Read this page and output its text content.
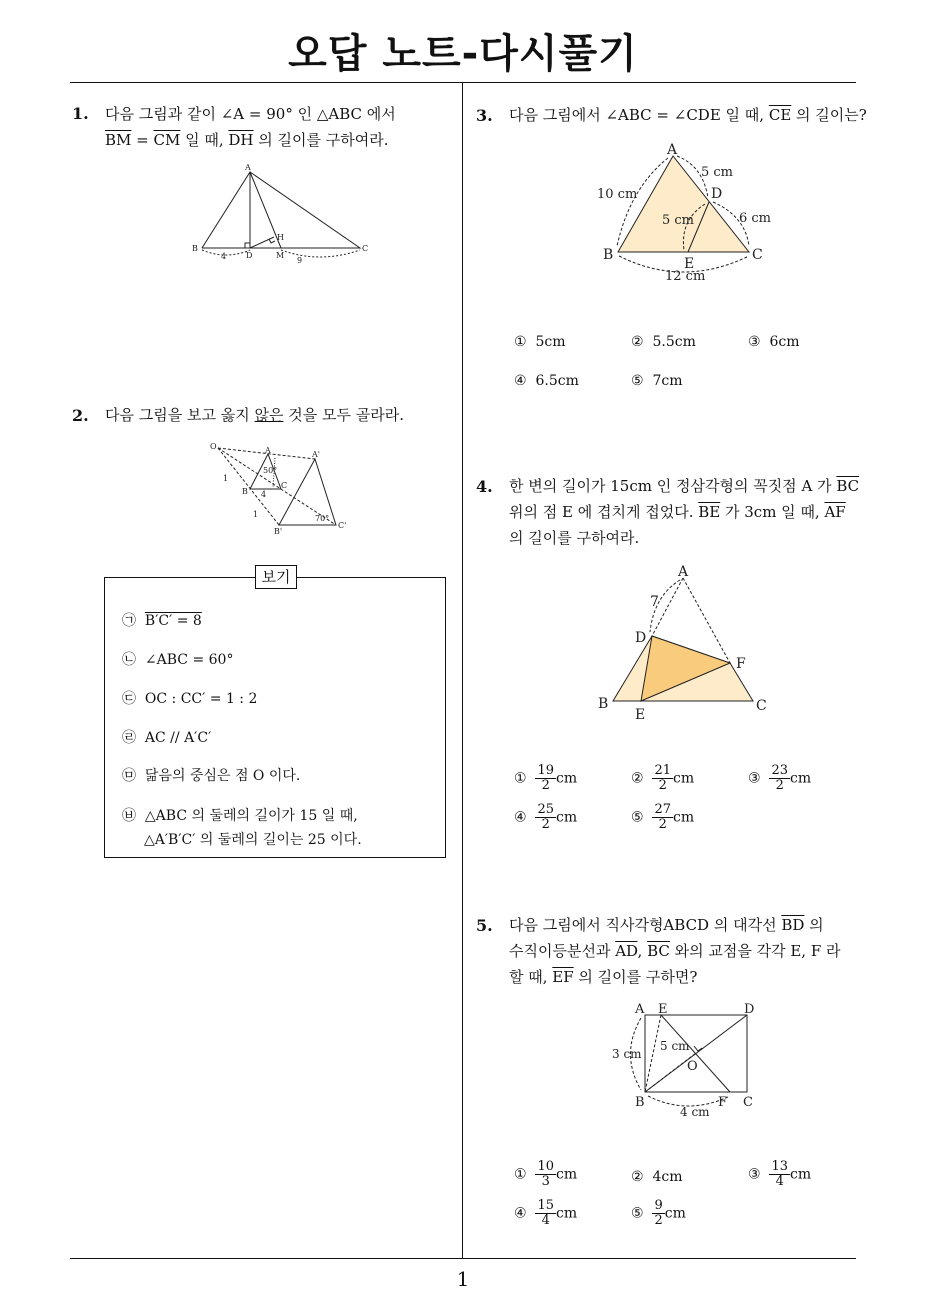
오답 노트-다시풀기
1
1. 다음 그림과 같이 ∠A = 90° 인 △ABC 에서
$\overline{BM} = \overline{CM}$ 일 때, $\overline{DH}$ 의 길이를 구하여라.
A
B	C
D
H
M
4	9
2. 다음 그림을 보고 옳지 않은 것을 모두 골라라.
O	A	A'
B
B'
C
C'
1
1
4
50°
70°
보기
㉠ B′C′ = 8
㉡ ∠ABC = 60°
㉢ OC : CC′ = 1 : 2
㉣ AC // A′C′
㉤ 닮음의 중심은 점 O 이다.
㉥ △ABC 의 둘레의 길이가 15 일 때,
△A′B′C′ 의 둘레의 길이는 25 이다.
3. 다음 그림에서 ∠ABC = ∠CDE 일 때, $\overline{CE}$ 의 길이는?
A
B	C
D
E
10 cm
5 cm
5 cm	6 cm
12 cm
① 5cm	② 5.5cm	③ 6cm
④ 6.5cm	⑤ 7cm
4. 한 변의 길이가 15cm 인 정삼각형의 꼭짓점 A 가 $\overline{BC}$
위의 점 E 에 겹치게 접었다. $\overline{BE}$ 가 3cm 일 때, $\overline{AF}$
의 길이를 구하여라.
A
B	C
D
E
F
7
① $\frac{19}{2}$ cm	② $\frac{21}{2}$ cm	③ $\frac{23}{2}$ cm
④ $\frac{25}{2}$ cm	⑤ $\frac{27}{2}$ cm
5. 다음 그림에서 직사각형ABCD 의 대각선 $\overline{BD}$ 의
수직이등분선과 $\overline{AD}$, $\overline{BC}$ 와의 교점을 각각 E, F 라
할 때, $\overline{EF}$ 의 길이를 구하면?
A E	D
B	F C
O
3 cm
5 cm
4 cm
① $\frac{10}{3}$ cm	② 4cm	③ $\frac{13}{4}$ cm
④ $\frac{15}{4}$ cm	⑤ $\frac{9}{2}$ cm
